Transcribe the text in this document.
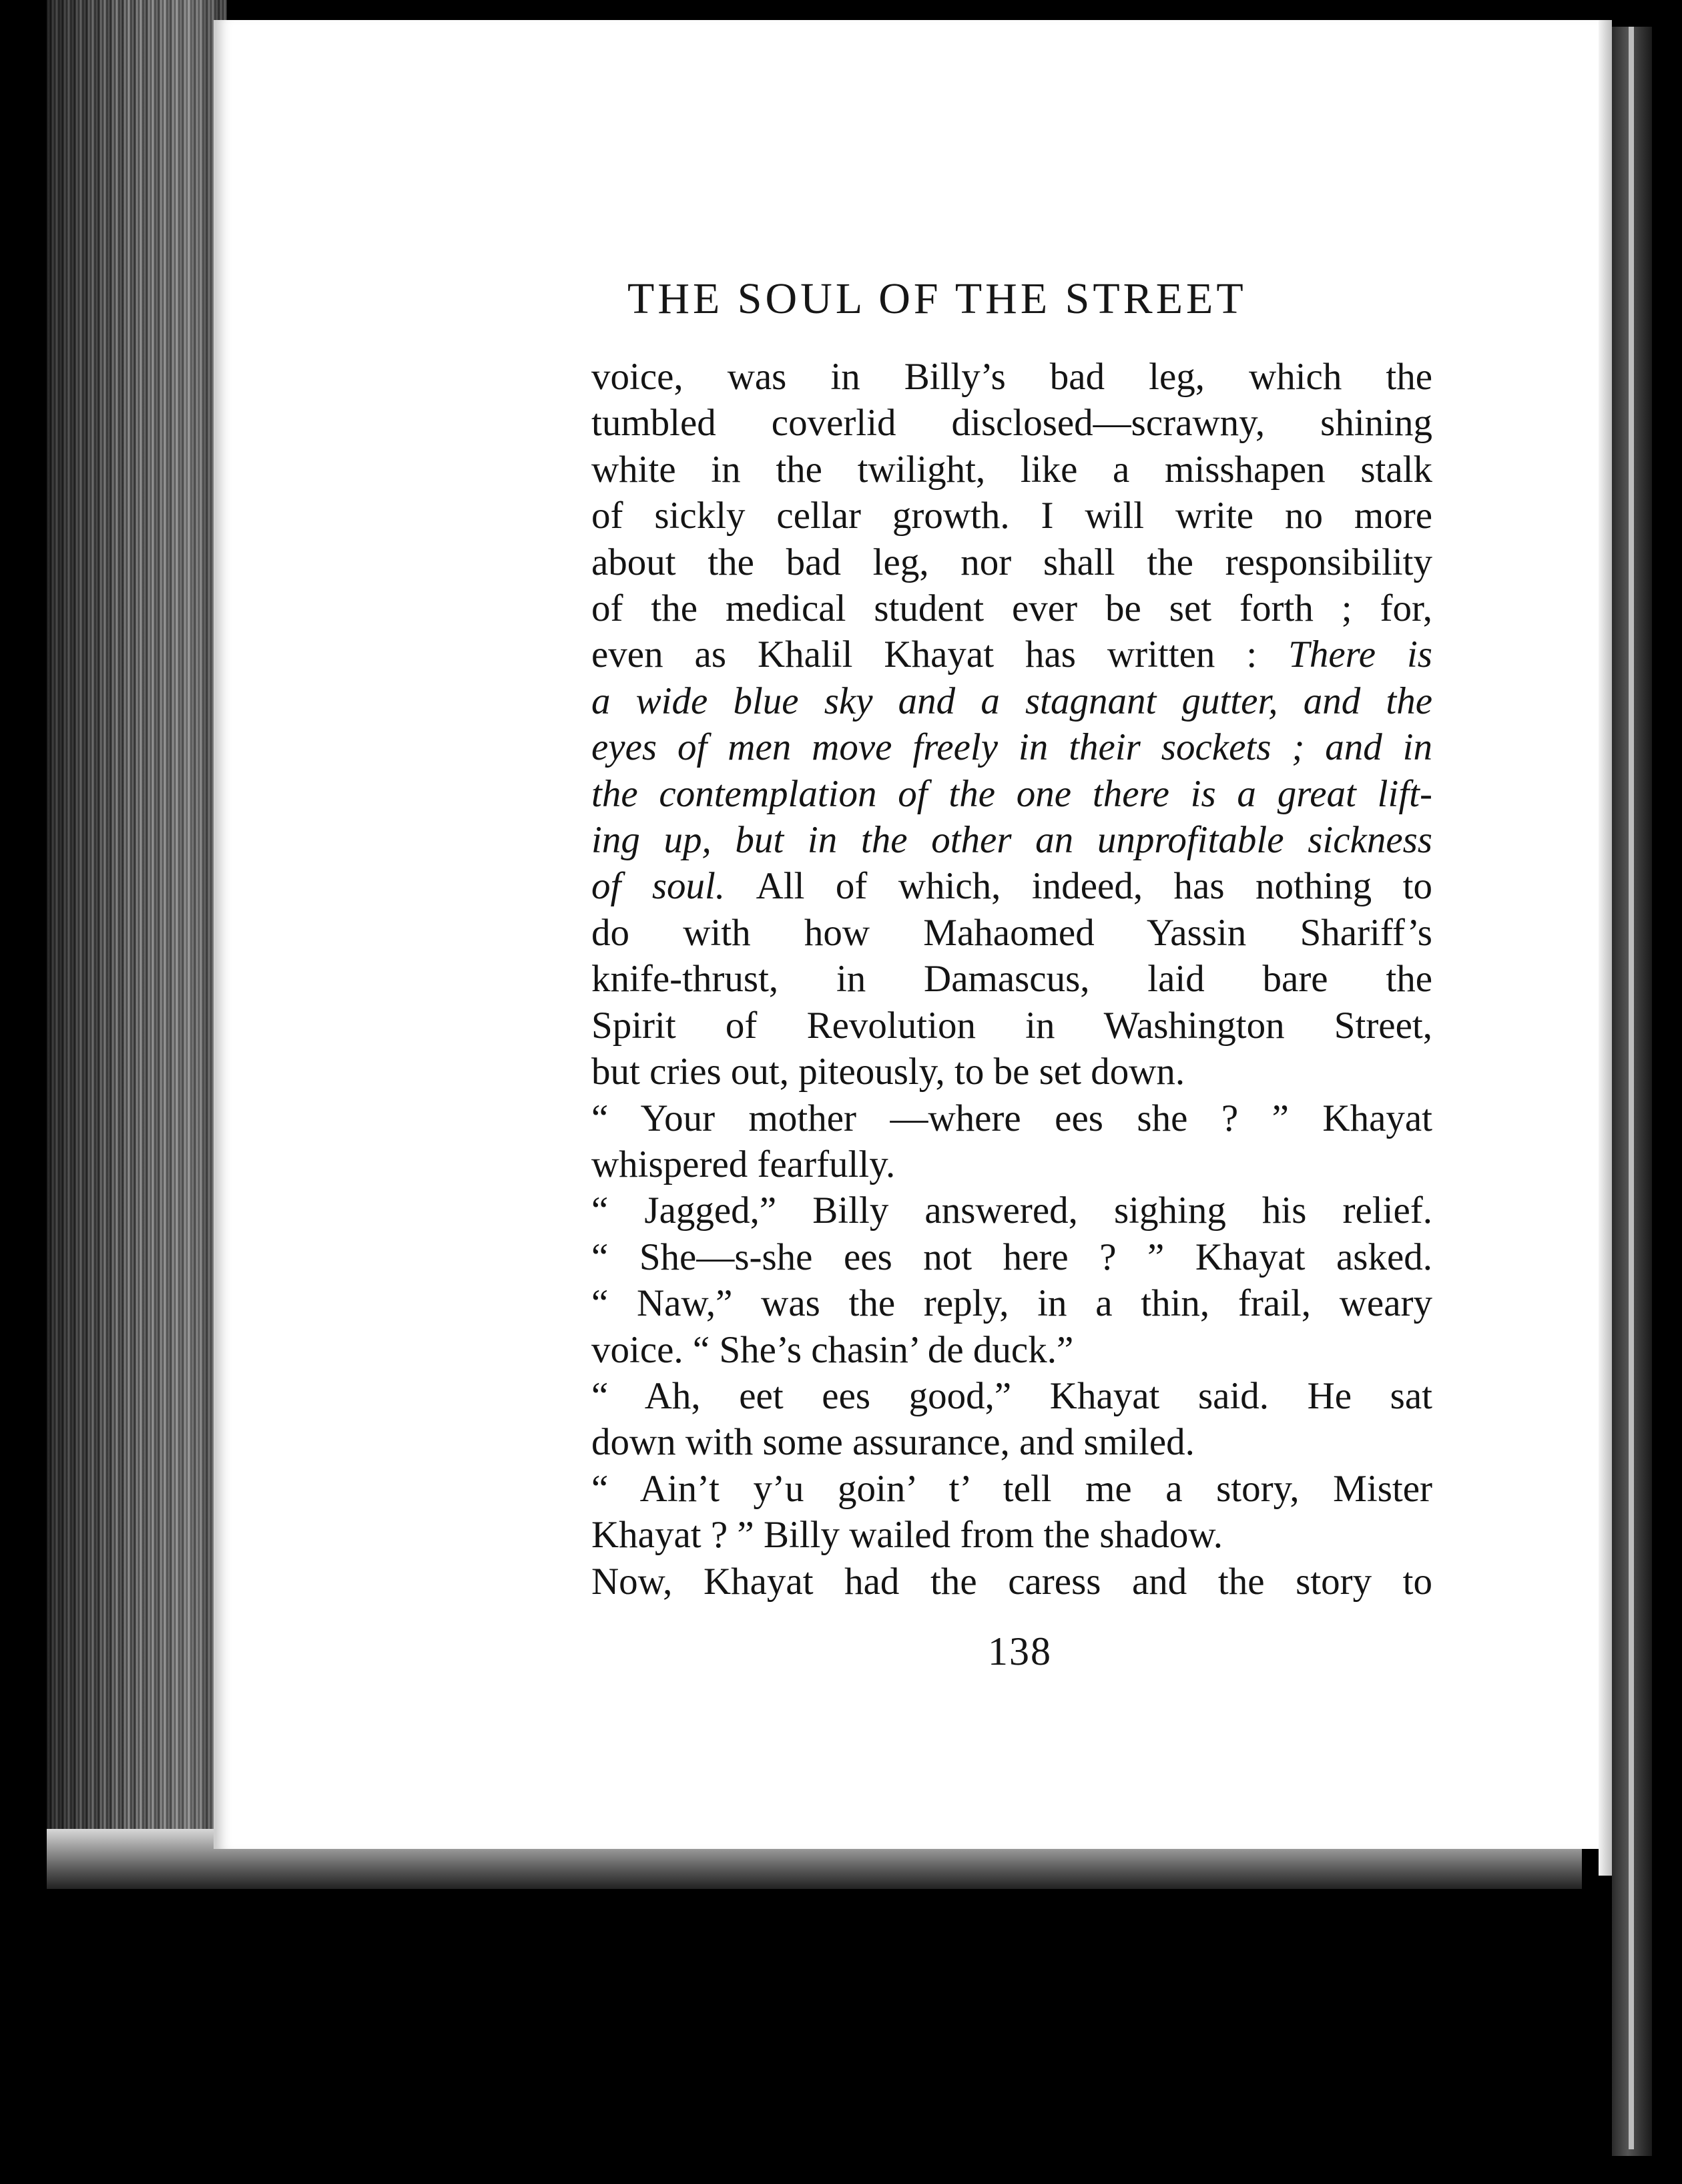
THE SOUL OF THE STREET
voice, was in Billy’s bad leg, which the
tumbled coverlid disclosed—scrawny, shining
white in the twilight, like a misshapen stalk
of sickly cellar growth. I will write no more
about the bad leg, nor shall the responsibility
of the medical student ever be set forth ; for,
even as Khalil Khayat has written : There is
a wide blue sky and a stagnant gutter, and the
eyes of men move freely in their sockets ; and in
the contemplation of the one there is a great lift-
ing up, but in the other an unprofitable sickness
of soul. All of which, indeed, has nothing to
do with how Mahaomed Yassin Shariff’s
knife-thrust, in Damascus, laid bare the
Spirit of Revolution in Washington Street,
but cries out, piteously, to be set down.
“ Your mother —where ees she ? ” Khayat
whispered fearfully.
“ Jagged,” Billy answered, sighing his relief.
“ She—s-she ees not here ? ” Khayat asked.
“ Naw,” was the reply, in a thin, frail, weary
voice. “ She’s chasin’ de duck.”
“ Ah, eet ees good,” Khayat said. He sat
down with some assurance, and smiled.
“ Ain’t y’u goin’ t’ tell me a story, Mister
Khayat ? ” Billy wailed from the shadow.
Now, Khayat had the caress and the story to
138
